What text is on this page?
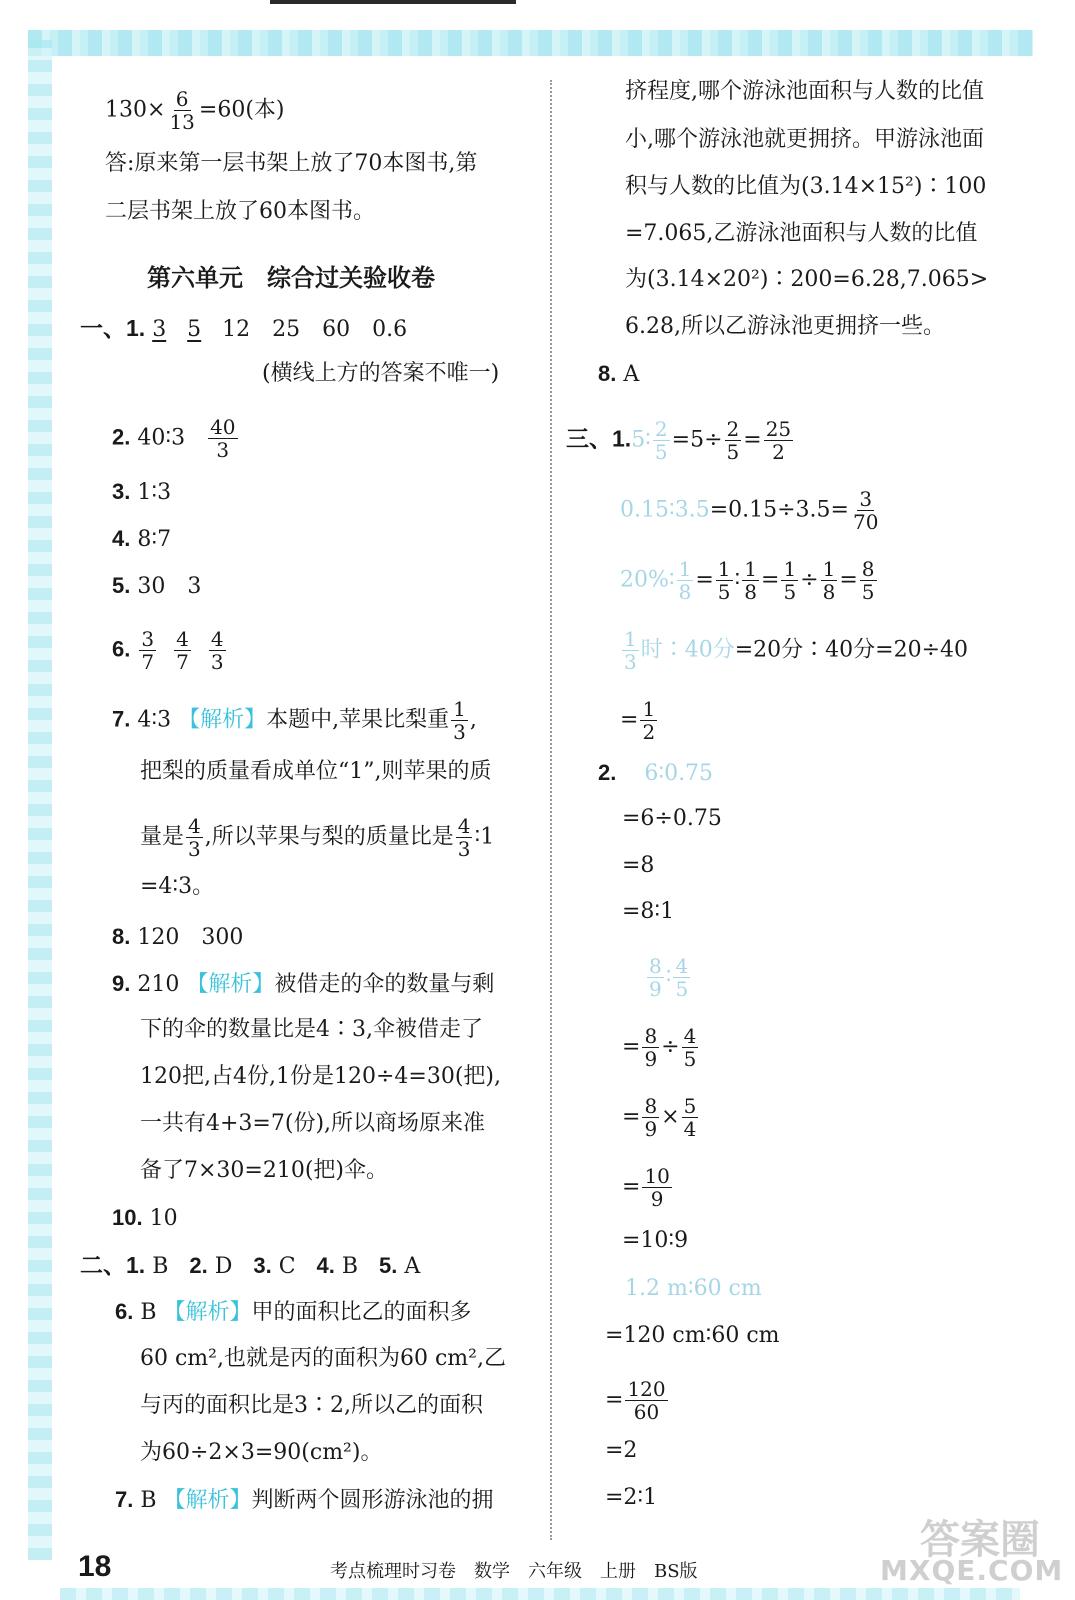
$130\times \frac{6}{13} =60$(本)
答:原来第一层书架上放了70本图书,第
二层书架上放了60本图书。
第六单元　综合过关验收卷
一、1. 3 5 12　25　60　0.6
(横线上方的答案不唯一)
2. 40∶3 $\frac{40}{3}$
3. 1∶3
4. 8∶7
5. 30　3
6. $\frac{3}{7}$
$\frac{4}{7}$
$\frac{4}{3}$
7. 4∶3 【解析】本题中,苹果比梨重 $\frac{1}{3}$ ,
把梨的质量看成单位“1”,则苹果的质
量是 $\frac{4}{3}$ ,所以苹果与梨的质量比是 $\frac{4}{3}$ ∶1
=4∶3。
8. 120　300
9. 210 【解析】被借走的伞的数量与剩
下的伞的数量比是4∶3,伞被借走了
120把,占4份,1份是120÷4=30(把),
一共有4+3=7(份),所以商场原来准
备了7×30=210(把)伞。
10. 10
二、1. B 2. D 3. C 4. B 5. A
6. B 【解析】甲的面积比乙的面积多
60 cm²,也就是丙的面积为60 cm²,乙
与丙的面积比是3∶2,所以乙的面积
为60÷2×3=90(cm²)。
7. B 【解析】判断两个圆形游泳池的拥
挤程度,哪个游泳池面积与人数的比值
小,哪个游泳池就更拥挤。甲游泳池面
积与人数的比值为(3.14×15²)∶100
=7.065,乙游泳池面积与人数的比值
为(3.14×20²)∶200=6.28,7.065>
6.28,所以乙游泳池更拥挤一些。
8. A
三、1.5∶ $\frac{2}{5} =5\div \frac{2}{5} = \frac{25}{2}$
0.15∶3.5=0.15÷3.5= $\frac{3}{70}$
20%∶ $\frac{1}{8} = \frac{1}{5}$ ∶ $\frac{1}{8} = \frac{1}{5} \div \frac{1}{8} = \frac{8}{5}$
$\frac{1}{3}$ 时∶40分=20分∶40分=20÷40
= $\frac{1}{2}$
2. 6∶0.75
=6÷0.75
=8
=8∶1
$\frac{8}{9}$ ∶ $\frac{4}{5}$
= $\frac{8}{9} \div \frac{4}{5}$
= $\frac{8}{9} \times \frac{5}{4}$
= $\frac{10}{9}$
=10∶9
1.2 m∶60 cm
=120 cm∶60 cm
= $\frac{120}{60}$
=2
=2∶1
18	考点梳理时习卷　数学　六年级　上册　BS版
答案圈
MXQE.COM
